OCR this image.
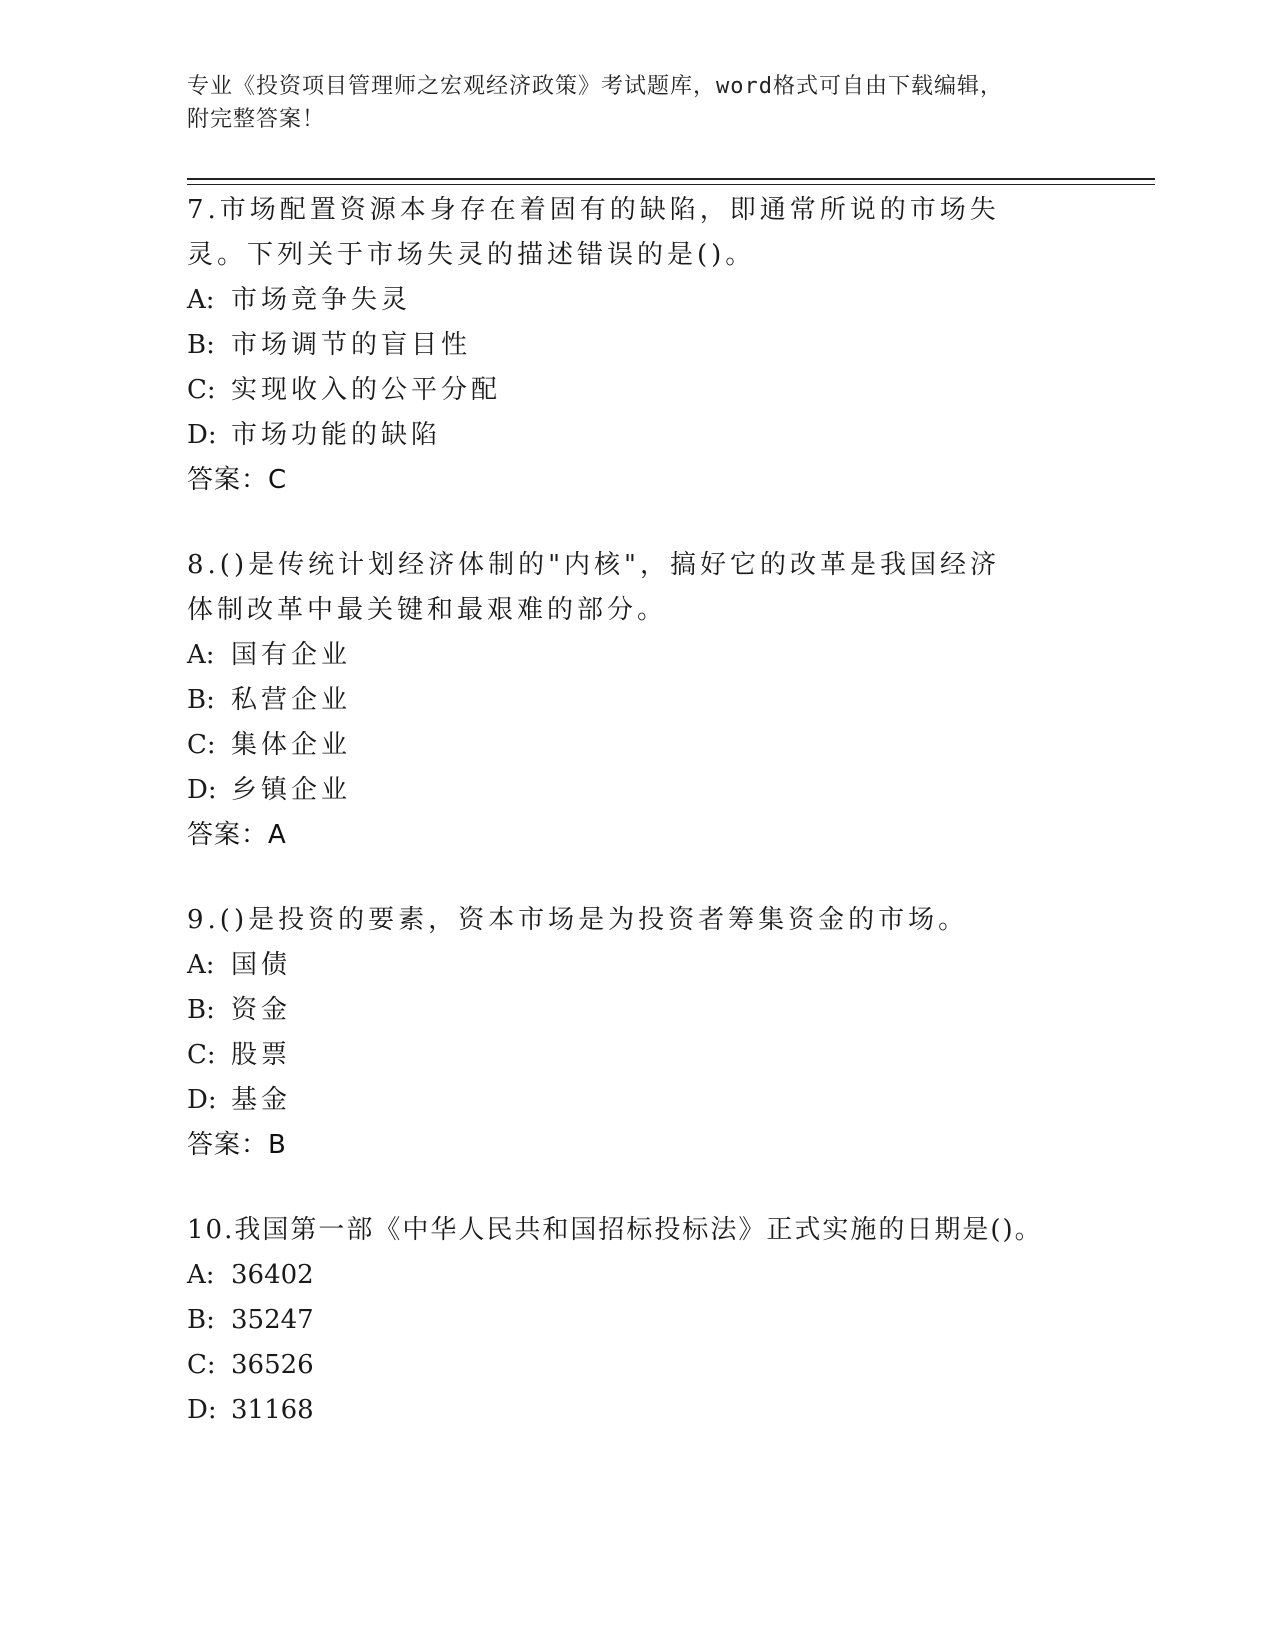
专业《投资项目管理师之宏观经济政策》考试题库，word格式可自由下载编辑，
附完整答案！

7.市场配置资源本身存在着固有的缺陷，即通常所说的市场失灵。下列关于市场失灵的描述错误的是()。

A: 市场竞争失灵

B: 市场调节的盲目性

C: 实现收入的公平分配

D: 市场功能的缺陷

答案：C

8.()是传统计划经济体制的"内核"，搞好它的改革是我国经济体制改革中最关键和最艰难的部分。

A: 国有企业

B: 私营企业

C: 集体企业

D: 乡镇企业

答案：A

9.()是投资的要素，资本市场是为投资者筹集资金的市场。

A: 国债

B: 资金

C: 股票

D: 基金

答案：B

10.我国第一部《中华人民共和国招标投标法》正式实施的日期是()。

A: 36402

B: 35247

C: 36526

D: 31168
